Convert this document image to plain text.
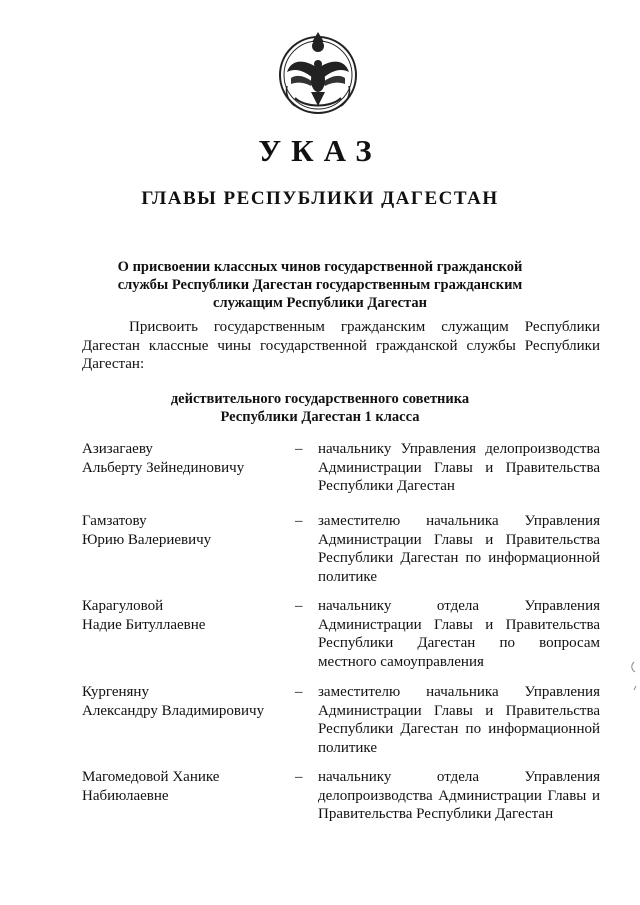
УКАЗ
ГЛАВЫ РЕСПУБЛИКИ ДАГЕСТАН
О присвоении классных чинов государственной гражданской службы Республики Дагестан государственным гражданским служащим Республики Дагестан
Присвоить государственным гражданским служащим Республики Дагестан классные чины государственной гражданской службы Республики Дагестан:
действительного государственного советника
Республики Дагестан 1 класса
Азизагаеву
Альберту Зейнединовичу
– начальнику Управления делопроизводства Администрации Главы и Правительства Республики Дагестан
Гамзатову
Юрию Валериевичу
– заместителю начальника Управления Администрации Главы и Правительства Республики Дагестан по информационной политике
Карагуловой
Надие Битуллаевне
– начальнику отдела Управления Администрации Главы и Правительства Республики Дагестан по вопросам местного самоуправления
Кургеняну
Александру Владимировичу
– заместителю начальника Управления Администрации Главы и Правительства Республики Дагестан по информационной политике
Магомедовой Ханике
Набиюлаевне
– начальнику отдела Управления делопроизводства Администрации Главы и Правительства Республики Дагестан
